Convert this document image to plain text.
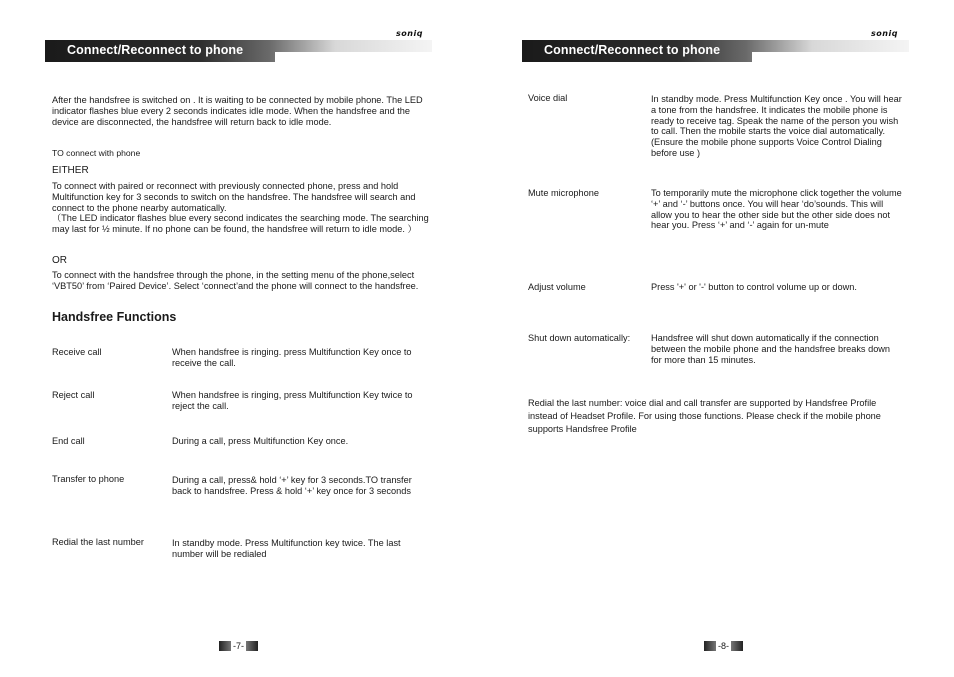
soniq
Connect/Reconnect to phone
After the handsfree is switched on . It is waiting to be connected by mobile phone. The LED indicator flashes blue every 2 seconds indicates idle mode. When the handsfree and the device are disconnected, the handsfree will return back to idle mode.
TO connect with phone
EITHER
To connect with paired or reconnect with previously connected phone, press and hold Multifunction key for 3 seconds to switch on the handsfree. The handsfree will search and connect to the phone nearby automatically.
（The LED indicator flashes blue every second indicates the searching mode. The searching may last for ½ minute. If no phone can be found, the handsfree will return to idle mode. ）
OR
To connect with the handsfree through the phone, in the setting menu of the phone,select ‘VBT50’ from ‘Paired Device’. Select ‘connect’and the phone will connect to the handsfree.
Handsfree Functions
Receive call	When handsfree is ringing. press Multifunction Key once to receive the call.
Reject call	When handsfree is ringing, press Multifunction Key twice to reject the call.
End call	During a call, press Multifunction Key once.
Transfer to phone	During a call, press& hold ‘+’ key for 3 seconds.TO transfer back to handsfree. Press & hold ‘+’ key once for 3 seconds
Redial the last number	In standby mode. Press Multifunction key twice. The last number will be redialed
-7-
soniq
Connect/Reconnect to phone
Voice dial	In standby mode. Press Multifunction Key once . You will hear a tone from the handsfree. It indicates the mobile phone is ready to receive tag. Speak the name of the person you wish to call. Then the mobile starts the voice dial automatically. (Ensure the mobile phone supports Voice Control Dialing before use )
Mute microphone	To temporarily mute the microphone click together the volume ‘+’ and ‘-’ buttons once. You will hear ‘do’sounds. This will allow you to hear the other side but the other side does not hear you. Press ‘+’ and ‘-’ again for un-mute
Adjust volume	Press '+' or '-' button to control volume up or down.
Shut down automatically: Handsfree will shut down automatically if the connection between the mobile phone and the handsfree breaks down for more than 15 minutes.
Redial the last number: voice dial and call transfer are supported by Handsfree Profile instead of Headset Profile. For using those functions. Please check if the mobile phone supports Handsfree Profile
-8-
